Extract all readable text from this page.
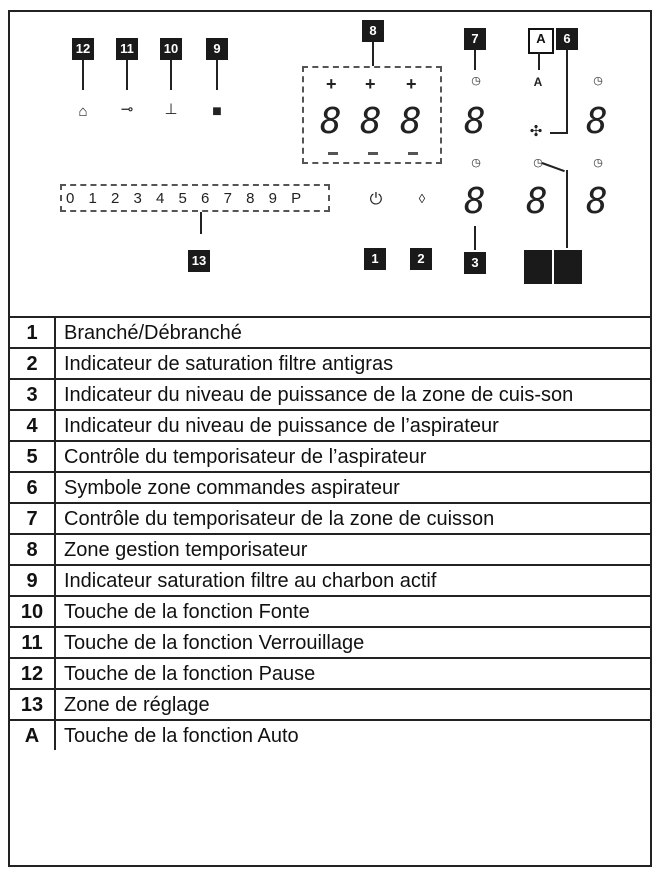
12	11	10	9
⌂	⊸	⊥	■
0 1 2 3 4 5 6 7 8 9 P
13
8
+ + +
8 8 8
⏻	◊
1	2
7
◷
8
◷
8
3
A	6
A
✣
◷
8
◷
8
◷
8
1	Branché/Débranché
2	Indicateur de saturation filtre antigras
3	Indicateur du niveau de puissance de la zone de cuis-son
4	Indicateur du niveau de puissance de l’aspirateur
5	Contrôle du temporisateur de l’aspirateur
6	Symbole zone commandes aspirateur
7	Contrôle du temporisateur de la zone de cuisson
8	Zone gestion temporisateur
9	Indicateur saturation filtre au charbon actif
10	Touche de la fonction Fonte
11	Touche de la fonction Verrouillage
12	Touche de la fonction Pause
13	Zone de réglage
A	Touche de la fonction Auto
